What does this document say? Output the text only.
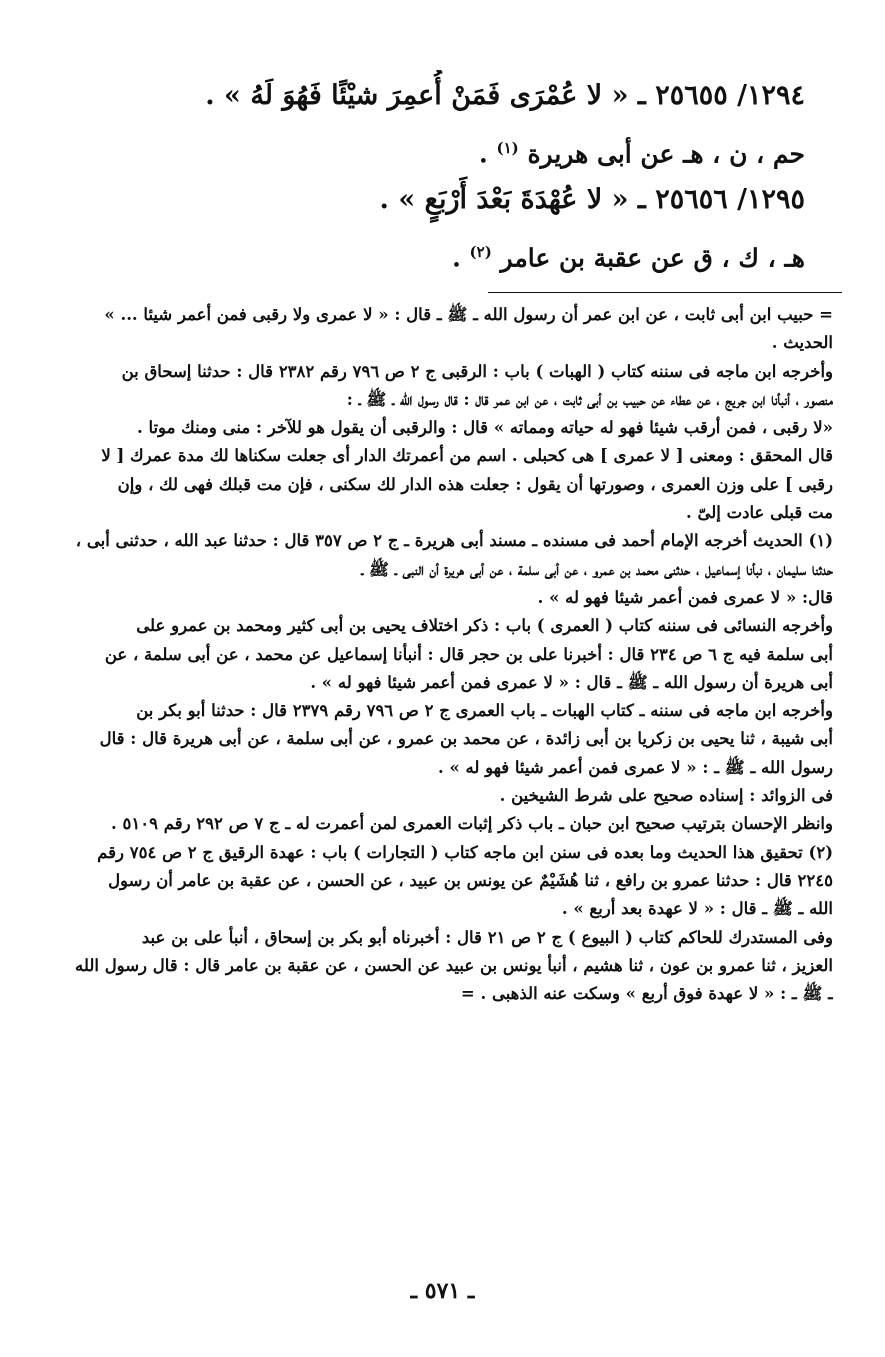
١٢٩٤/ ٢٥٦٥٥ ـ « لا عُمْرَى فَمَنْ أُعمِرَ شيْئًا فَهُوَ لَهُ » .
حم ، ن ، هـ عن أبى هريرة $^{(١)}$ .
١٢٩٥/ ٢٥٦٥٦ ـ « لا عُهْدَةَ بَعْدَ أَرْبَعٍ » .
هـ ، ك ، ق عن عقبة بن عامر $^{(٢)}$ .
= حبيب ابن أبى ثابت ، عن ابن عمر أن رسول الله ـ ﷺ ـ قال : « لا عمرى ولا رقبى فمن أعمر شيئا ... »
الحديث .
وأخرجه ابن ماجه فى سننه كتاب ( الهبات ) باب : الرقبى ج ٢ ص ٧٩٦ رقم ٢٣٨٢ قال : حدثنا إسحاق بن
منصور ، أنبأنا ابن جريج ، عن عطاء عن حبيب بن أبى ثابت ، عن ابن عمر قال : قال رسول الله ـ ﷺ ـ :
«لا رقبى ، فمن أرقب شيئا فهو له حياته ومماته » قال : والرقبى أن يقول هو للآخر : منى ومنك موتا .
قال المحقق : ومعنى [ لا عمرى ] هى كحبلى . اسم من أعمرتك الدار أى جعلت سكناها لك مدة عمرك [ لا
رقبى ] على وزن العمرى ، وصورتها أن يقول : جعلت هذه الدار لك سكنى ، فإن مت قبلك فهى لك ، وإن
مت قبلى عادت إلىّ .
(١) الحديث أخرجه الإمام أحمد فى مسنده ـ مسند أبى هريرة ـ ج ٢ ص ٣٥٧ قال : حدثنا عبد الله ، حدثنى أبى ،
حدثنا سليمان ، نبأنا إسماعيل ، حدثنى محمد بن عمرو ، عن أبى سلمة ، عن أبى هريرة أن النبى ـ ﷺ ـ
قال: « لا عمرى فمن أعمر شيئا فهو له » .
وأخرجه النسائى فى سننه كتاب ( العمرى ) باب : ذكر اختلاف يحيى بن أبى كثير ومحمد بن عمرو على
أبى سلمة فيه ج ٦ ص ٢٣٤ قال : أخبرنا على بن حجر قال : أنبأنا إسماعيل عن محمد ، عن أبى سلمة ، عن
أبى هريرة أن رسول الله ـ ﷺ ـ قال : « لا عمرى فمن أعمر شيئا فهو له » .
وأخرجه ابن ماجه فى سننه ـ كتاب الهبات ـ باب العمرى ج ٢ ص ٧٩٦ رقم ٢٣٧٩ قال : حدثنا أبو بكر بن
أبى شيبة ، ثنا يحيى بن زكريا بن أبى زائدة ، عن محمد بن عمرو ، عن أبى سلمة ، عن أبى هريرة قال : قال
رسول الله ـ ﷺ ـ : « لا عمرى فمن أعمر شيئا فهو له » .
فى الزوائد : إسناده صحيح على شرط الشيخين .
وانظر الإحسان بترتيب صحيح ابن حبان ـ باب ذكر إثبات العمرى لمن أعمرت له ـ ج ٧ ص ٢٩٢ رقم ٥١٠٩ .
(٢) تحقيق هذا الحديث وما بعده فى سنن ابن ماجه كتاب ( التجارات ) باب : عهدة الرقيق ج ٢ ص ٧٥٤ رقم
٢٢٤٥ قال : حدثنا عمرو بن رافع ، ثنا هُشَيْمٌ عن يونس بن عبيد ، عن الحسن ، عن عقبة بن عامر أن رسول
الله ـ ﷺ ـ قال : « لا عهدة بعد أربع » .
وفى المستدرك للحاكم كتاب ( البيوع ) ج ٢ ص ٢١ قال : أخبرناه أبو بكر بن إسحاق ، أنبأ على بن عبد
العزيز ، ثنا عمرو بن عون ، ثنا هشيم ، أنبأ يونس بن عبيد عن الحسن ، عن عقبة بن عامر قال : قال رسول الله
ـ ﷺ ـ : « لا عهدة فوق أربع » وسكت عنه الذهبى . =
ـ ٥٧١ ـ
